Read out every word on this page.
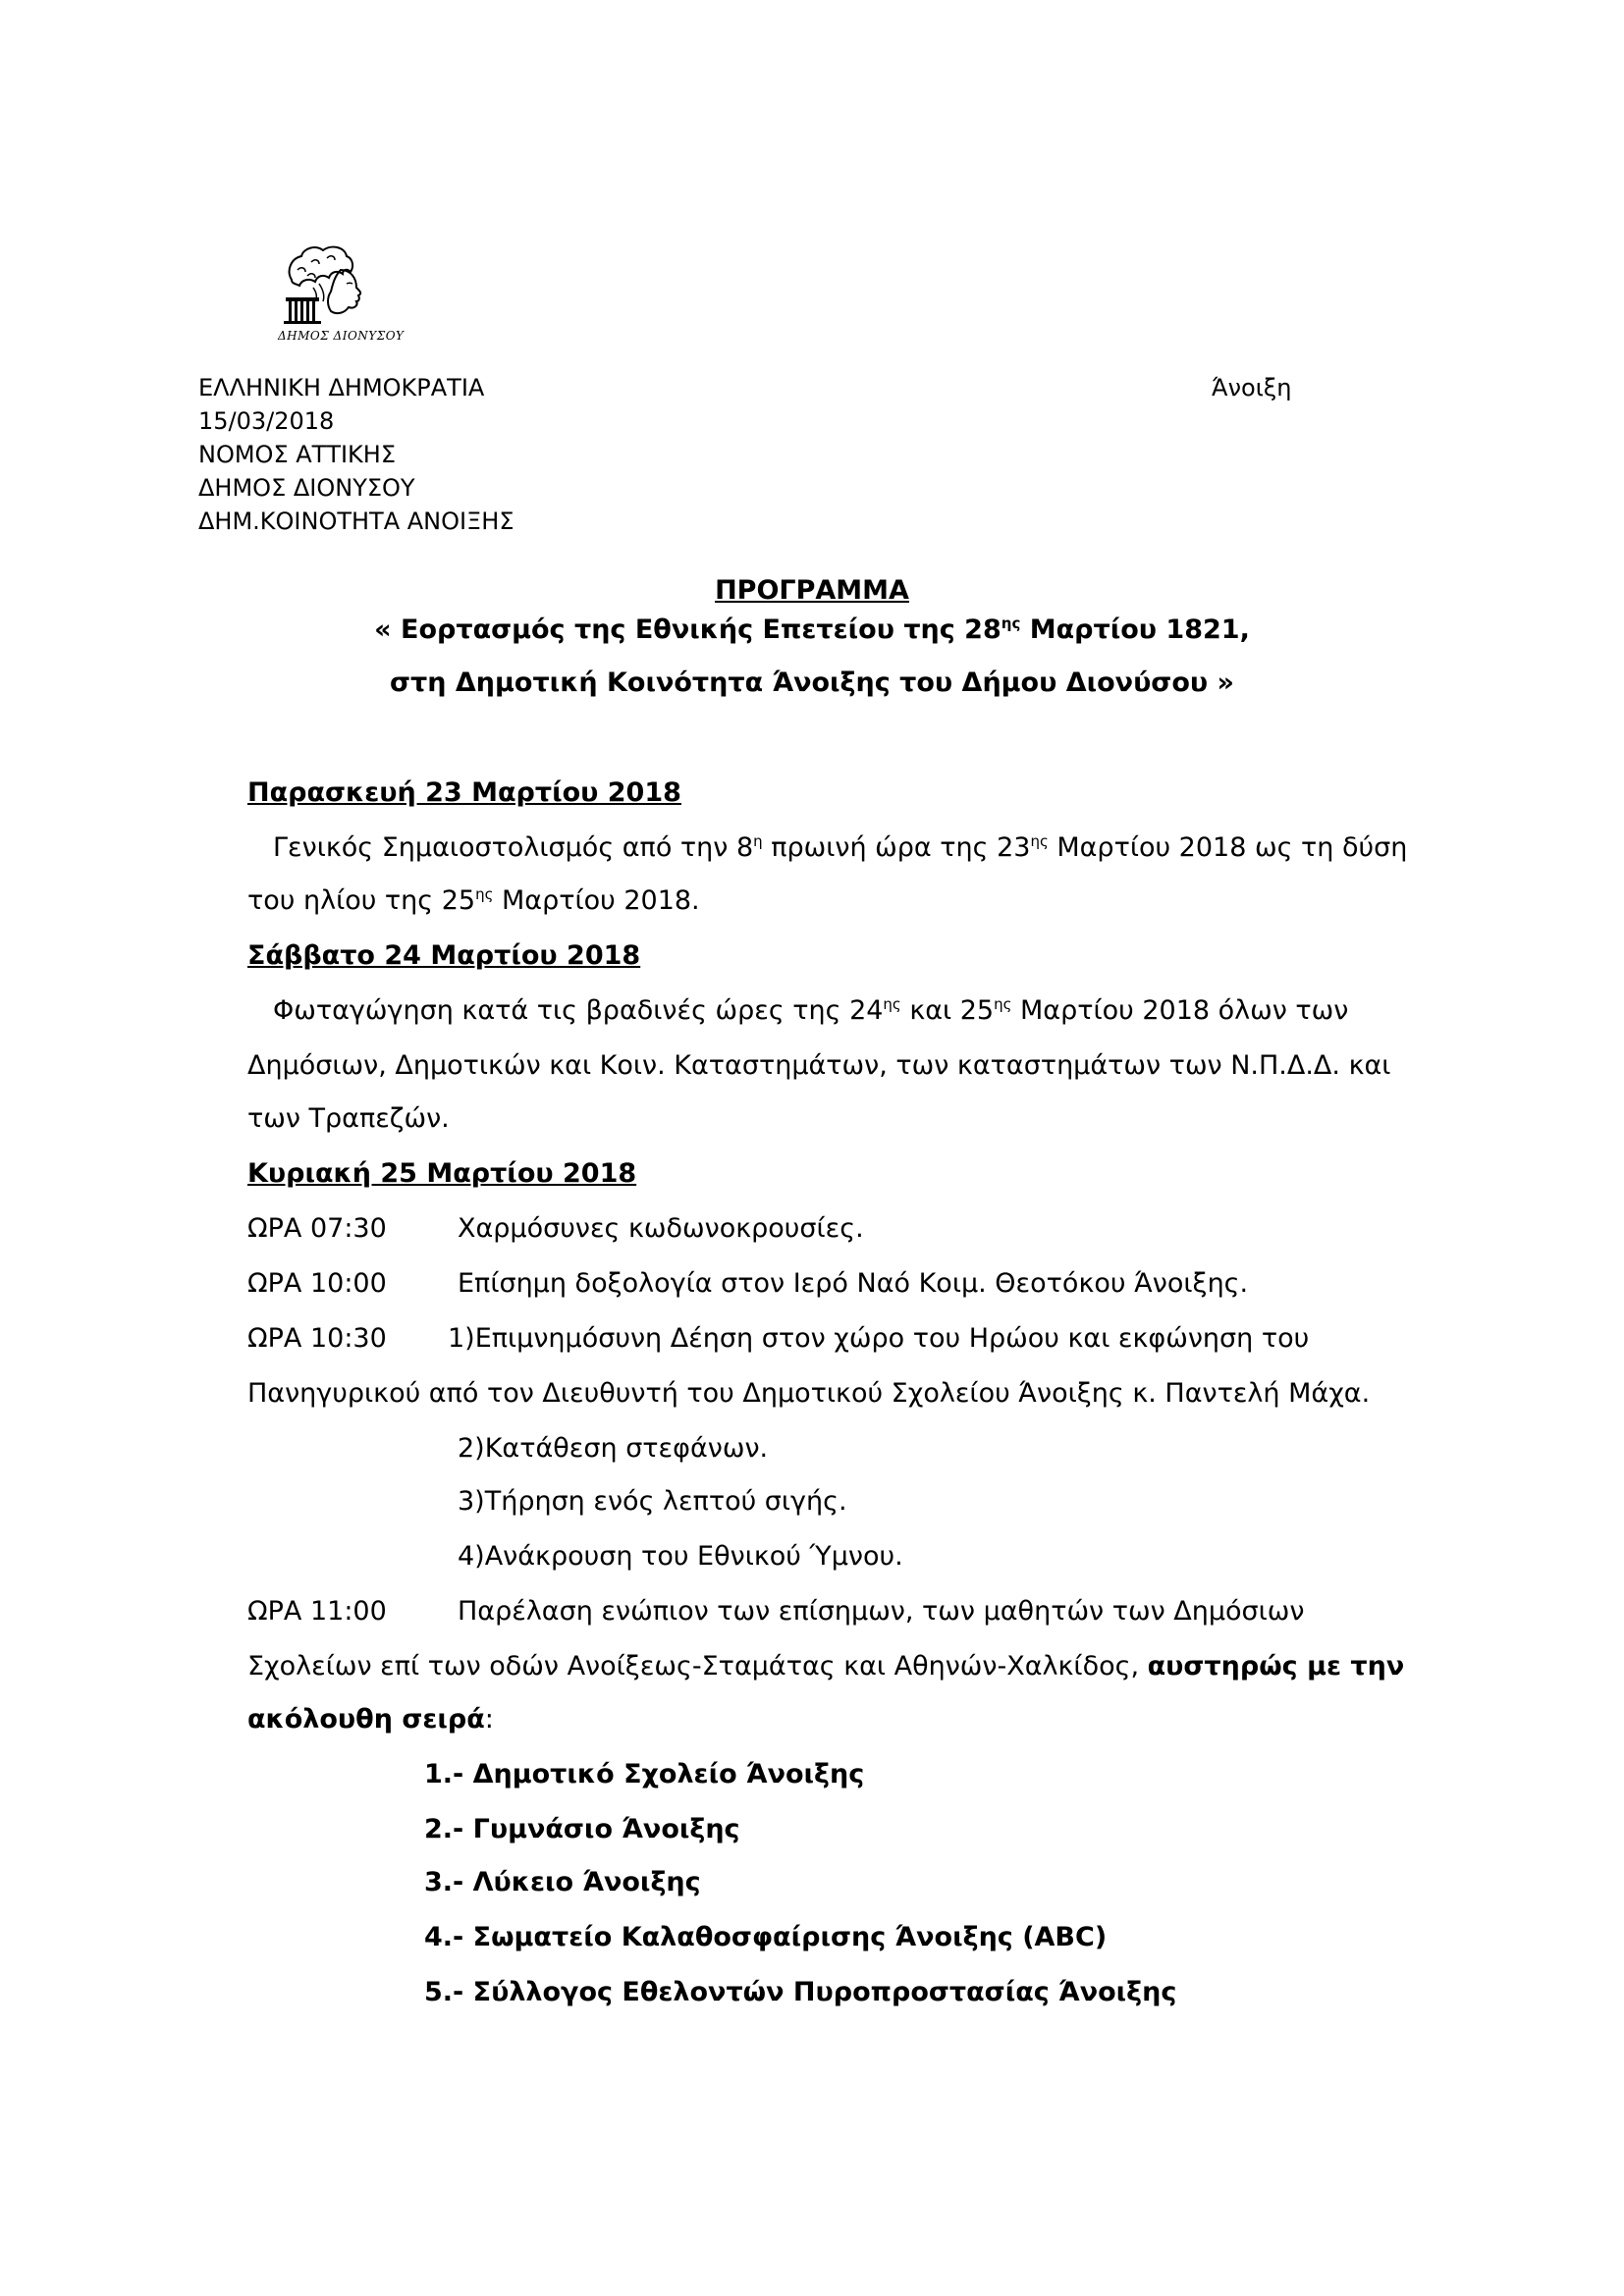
ΔΗΜΟΣ ΔΙΟΝΥΣΟΥ
ΕΛΛΗΝΙΚΗ ΔΗΜΟΚΡΑΤΙΑ	Άνοιξη
15/03/2018
ΝΟΜΟΣ ΑΤΤΙΚΗΣ
ΔΗΜΟΣ ΔΙΟΝΥΣΟΥ
ΔΗΜ.ΚΟΙΝΟΤΗΤΑ ΑΝΟΙΞΗΣ
ΠΡΟΓΡΑΜΜΑ
« Εορτασμός της Εθνικής Επετείου της $28^{\eta\varsigma}$ Μαρτίου 1821,
στη Δημοτική Κοινότητα Άνοιξης του Δήμου Διονύσου »
Παρασκευή 23 Μαρτίου 2018
Γενικός Σημαιοστολισμός από την $8^\eta$ πρωινή ώρα της $23^{\eta\varsigma}$ Μαρτίου 2018 ως τη δύση
του ηλίου της $25^{\eta\varsigma}$ Μαρτίου 2018.
Σάββατο 24 Μαρτίου 2018
Φωταγώγηση κατά τις βραδινές ώρες της $24^{\eta\varsigma}$ και $25^{\eta\varsigma}$ Μαρτίου 2018 όλων των
Δημόσιων, Δημοτικών και Κοιν. Καταστημάτων, των καταστημάτων των Ν.Π.Δ.Δ. και
των Τραπεζών.
Κυριακή 25 Μαρτίου 2018
ΩΡΑ 07:30	Χαρμόσυνες κωδωνοκρουσίες.
ΩΡΑ 10:00	Επίσημη δοξολογία στον Ιερό Ναό Κοιμ. Θεοτόκου Άνοιξης.
ΩΡΑ 10:30 1)Επιμνημόσυνη Δέηση στον χώρο του Ηρώου και εκφώνηση του
Πανηγυρικού από τον Διευθυντή του Δημοτικού Σχολείου Άνοιξης κ. Παντελή Μάχα.
2)Κατάθεση στεφάνων.
3)Τήρηση ενός λεπτού σιγής.
4)Ανάκρουση του Εθνικού Ύμνου.
ΩΡΑ 11:00	Παρέλαση ενώπιον των επίσημων, των μαθητών των Δημόσιων
Σχολείων επί των οδών Ανοίξεως-Σταμάτας και Αθηνών-Χαλκίδος, αυστηρώς με την
ακόλουθη σειρά:
1.- Δημοτικό Σχολείο Άνοιξης
2.- Γυμνάσιο Άνοιξης
3.- Λύκειο Άνοιξης
4.- Σωματείο Καλαθοσφαίρισης Άνοιξης (ABC)
5.- Σύλλογος Εθελοντών Πυροπροστασίας Άνοιξης
